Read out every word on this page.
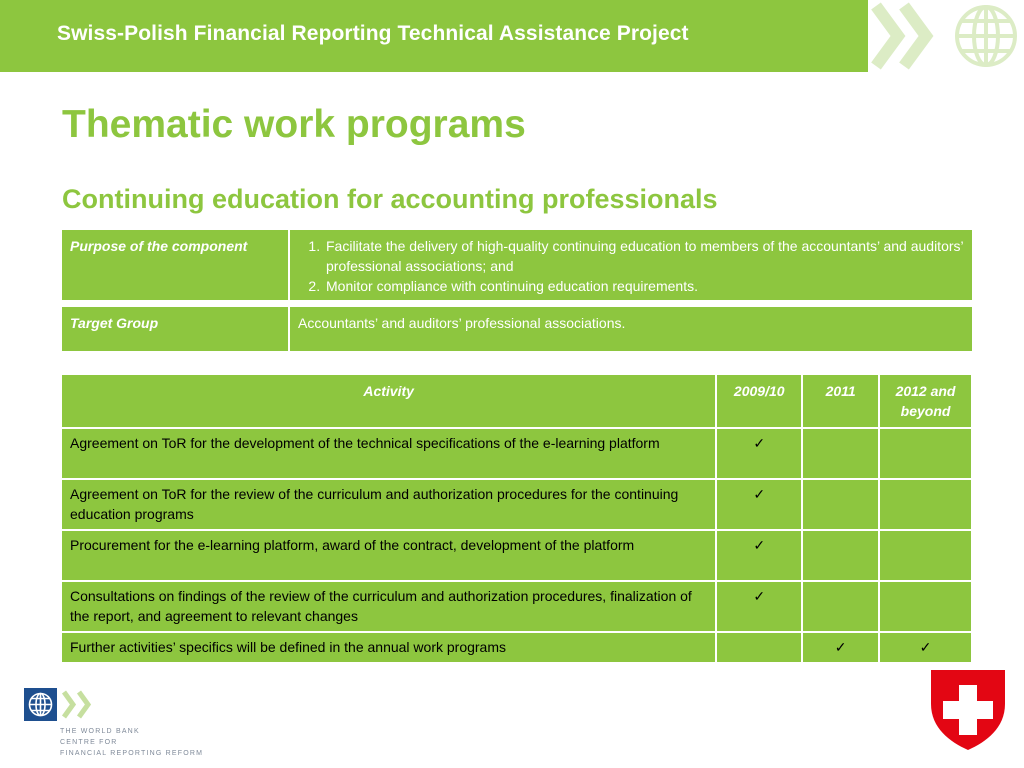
Swiss-Polish Financial Reporting Technical Assistance Project
Thematic work programs
Continuing education for accounting professionals
Purpose of the component	1. Facilitate the delivery of high-quality continuing education to members of the accountants’ and auditors’ professional associations; and
2. Monitor compliance with continuing education requirements.
Target Group	Accountants’ and auditors’ professional associations.
Activity	2009/10	2011	2012 and beyond
Agreement on ToR for the development of the technical specifications of the e-learning platform	✓		
Agreement on ToR for the review of the curriculum and authorization procedures for the continuing education programs	✓		
Procurement for the e-learning platform, award of the contract, development of the platform	✓		
Consultations on findings of the review of the curriculum and authorization procedures, finalization of the report, and agreement to relevant changes	✓		
Further activities’ specifics will be defined in the annual work programs		✓	✓
THE WORLD BANK
CENTRE FOR
FINANCIAL REPORTING REFORM
